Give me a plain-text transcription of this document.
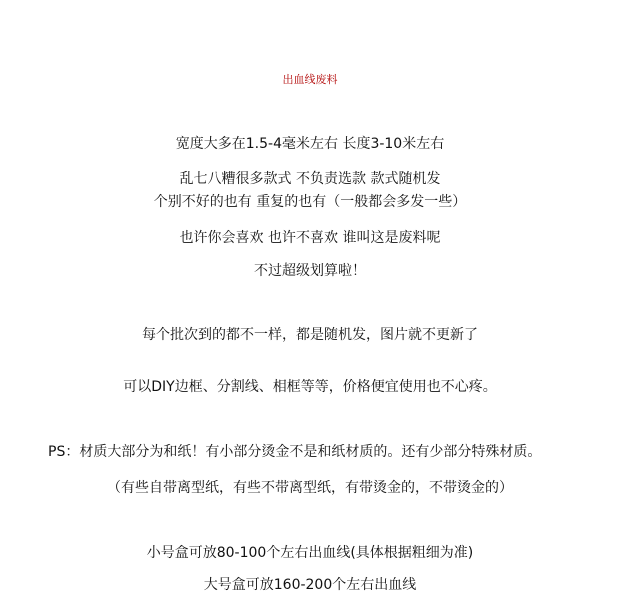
出血线废料
宽度大多在1.5-4毫米左右 长度3-10米左右
乱七八糟很多款式 不负责选款 款式随机发
个别不好的也有 重复的也有（一般都会多发一些）
也许你会喜欢 也许不喜欢 谁叫这是废料呢
不过超级划算啦！
每个批次到的都不一样，都是随机发，图片就不更新了
可以DIY边框、分割线、相框等等，价格便宜使用也不心疼。
PS：材质大部分为和纸！有小部分烫金不是和纸材质的。还有少部分特殊材质。
（有些自带离型纸，有些不带离型纸，有带烫金的，不带烫金的）
小号盒可放80-100个左右出血线(具体根据粗细为准)
大号盒可放160-200个左右出血线
